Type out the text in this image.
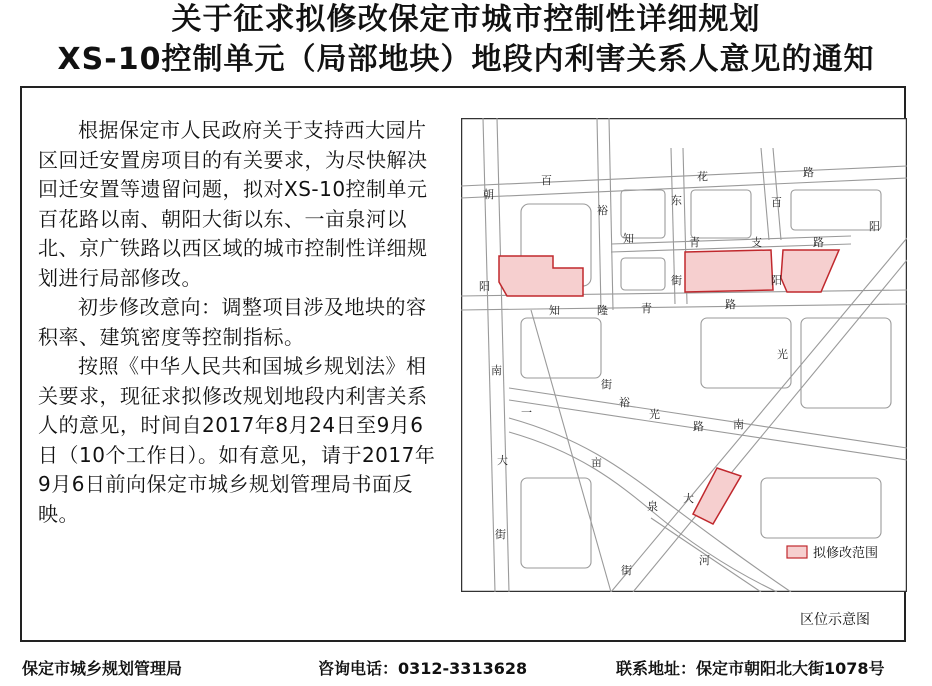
关于征求拟修改保定市城市控制性详细规划
XS-10控制单元（局部地块）地段内利害关系人意见的通知

根据保定市人民政府关于支持西大园片区回迁安置房项目的有关要求，为尽快解决回迁安置等遗留问题，拟对XS-10控制单元百花路以南、朝阳大街以东、一亩泉河以北、京广铁路以西区域的城市控制性详细规划进行局部修改。

初步修改意向：调整项目涉及地块的容积率、建筑密度等控制指标。

按照《中华人民共和国城乡规划法》相关要求，现征求拟修改规划地段内利害关系人的意见，时间自2017年8月24日至9月6日（10个工作日）。如有意见，请于2017年9月6日前向保定市城乡规划管理局书面反映。

百	花	路
裕
东	百
朝
阳
知	青	支	路
街
阳
知	隆	青	路
阳
光
南
街
裕
光
路	南
一
亩
大
泉
大
河
街
街
拟修改范围
区位示意图
保定市城乡规划管理局	咨询电话：0312-3313628	联系地址：保定市朝阳北大街1078号
